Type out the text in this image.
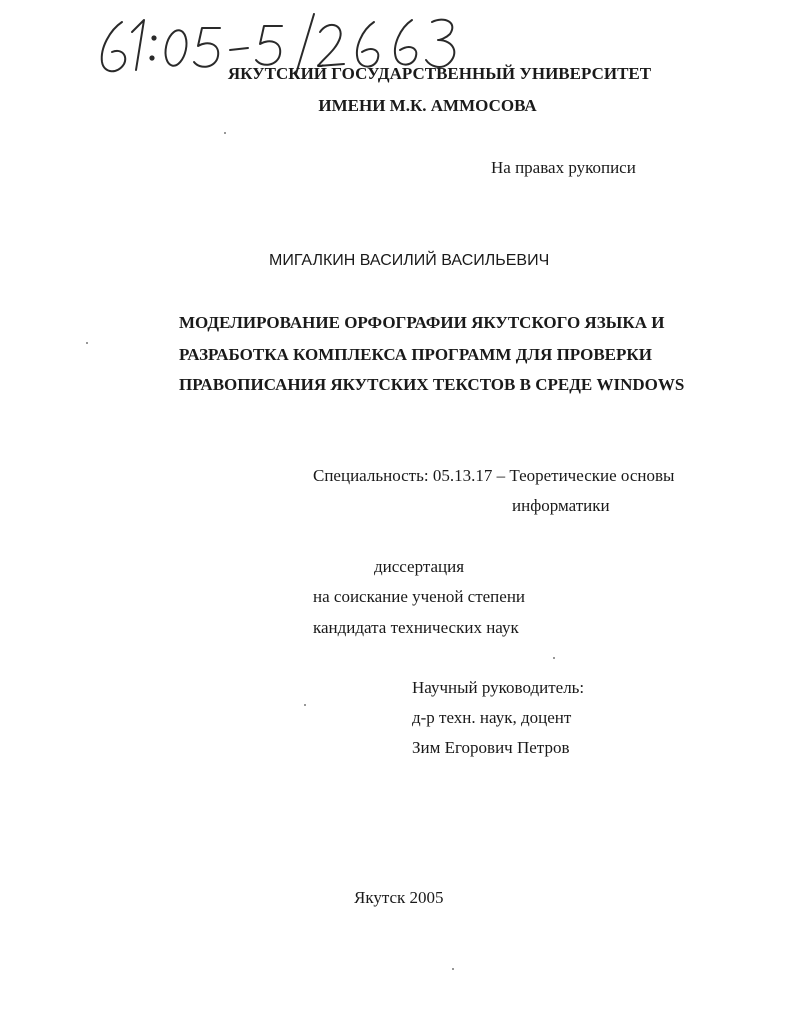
ЯКУТСКИЙ ГОСУДАРСТВЕННЫЙ УНИВЕРСИТЕТ
ИМЕНИ М.К. АММОСОВА
На правах рукописи
МИГАЛКИН ВАСИЛИЙ ВАСИЛЬЕВИЧ
МОДЕЛИРОВАНИЕ ОРФОГРАФИИ ЯКУТСКОГО ЯЗЫКА И
РАЗРАБОТКА КОМПЛЕКСА ПРОГРАММ ДЛЯ ПРОВЕРКИ
ПРАВОПИСАНИЯ ЯКУТСКИХ ТЕКСТОВ В СРЕДЕ WINDOWS
Специальность: 05.13.17 – Теоретические основы
информатики
диссертация
на соискание ученой степени
кандидата технических наук
Научный руководитель:
д-р техн. наук, доцент
Зим Егорович Петров
Якутск 2005
